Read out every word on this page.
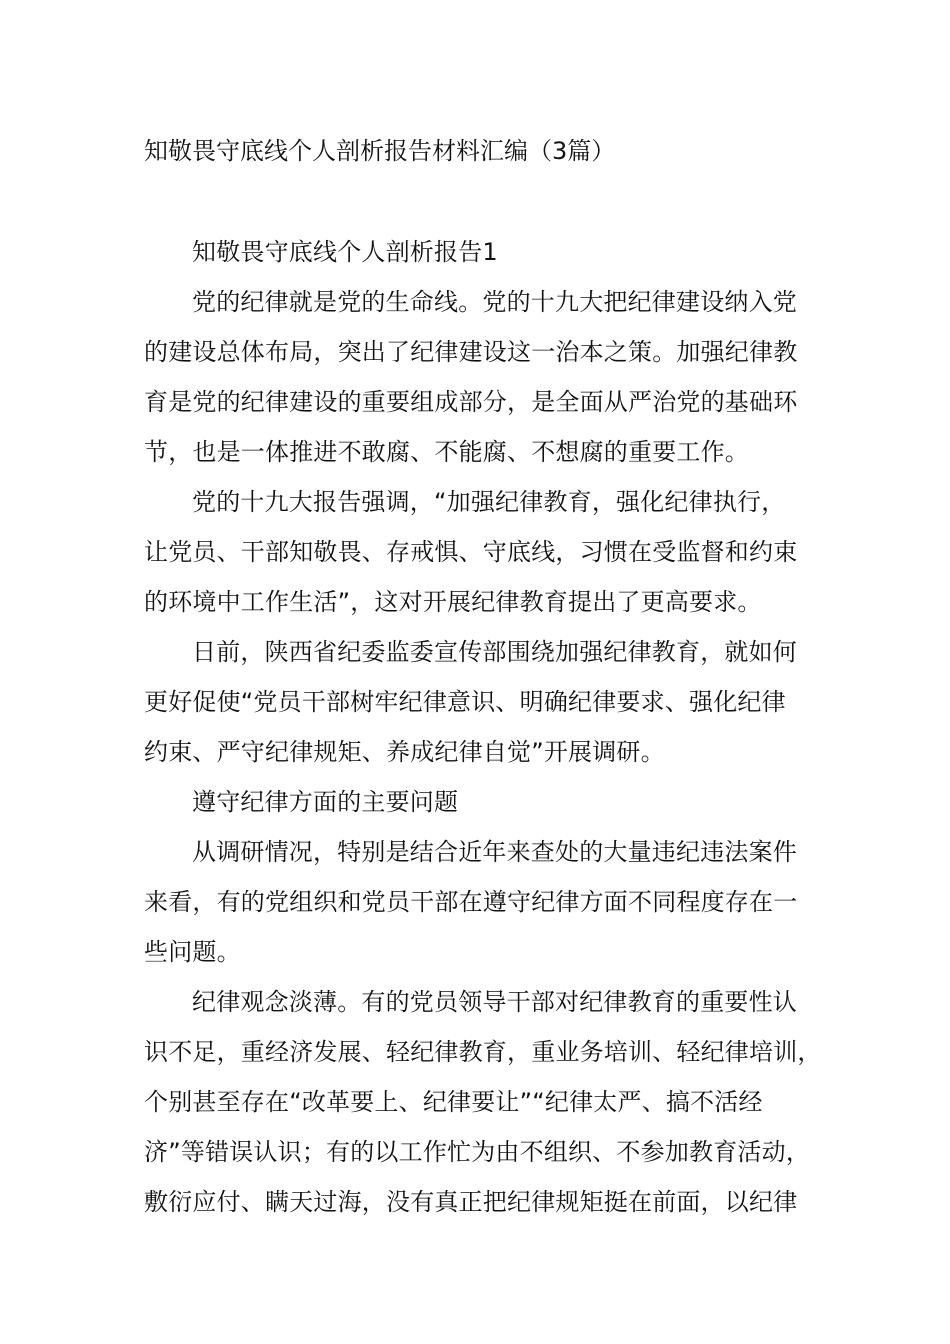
知敬畏守底线个人剖析报告材料汇编（3篇）

知敬畏守底线个人剖析报告1

党的纪律就是党的生命线。党的十九大把纪律建设纳入党
的建设总体布局，突出了纪律建设这一治本之策。加强纪律教
育是党的纪律建设的重要组成部分，是全面从严治党的基础环
节，也是一体推进不敢腐、不能腐、不想腐的重要工作。

党的十九大报告强调，“加强纪律教育，强化纪律执行，
让党员、干部知敬畏、存戒惧、守底线，习惯在受监督和约束
的环境中工作生活”，这对开展纪律教育提出了更高要求。

日前，陕西省纪委监委宣传部围绕加强纪律教育，就如何
更好促使“党员干部树牢纪律意识、明确纪律要求、强化纪律
约束、严守纪律规矩、养成纪律自觉”开展调研。

遵守纪律方面的主要问题

从调研情况，特别是结合近年来查处的大量违纪违法案件
来看，有的党组织和党员干部在遵守纪律方面不同程度存在一
些问题。

纪律观念淡薄。有的党员领导干部对纪律教育的重要性认
识不足，重经济发展、轻纪律教育，重业务培训、轻纪律培训，
个别甚至存在“改革要上、纪律要让”“纪律太严、搞不活经
济”等错误认识；有的以工作忙为由不组织、不参加教育活动，
敷衍应付、瞒天过海，没有真正把纪律规矩挺在前面，以纪律
